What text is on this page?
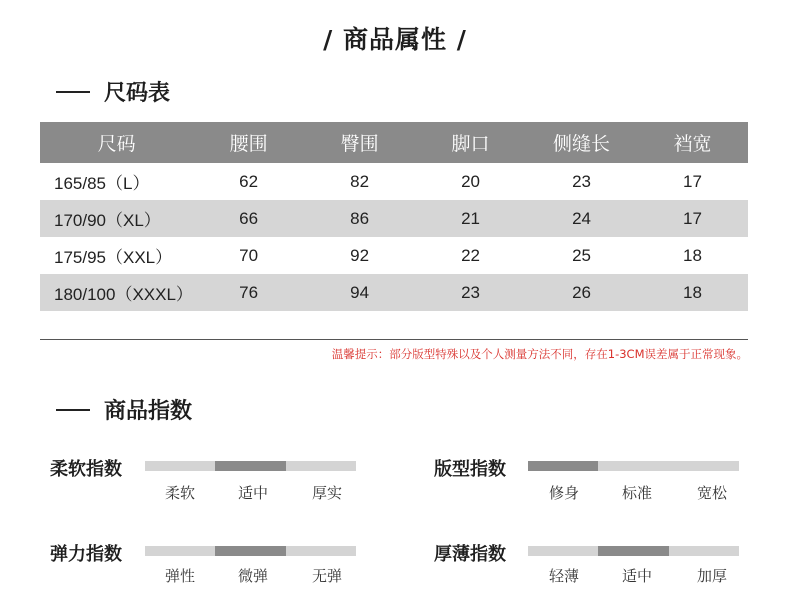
/ 商品属性 /
尺码表
尺码	腰围	臀围	脚口	侧缝长	裆宽
165/85（L）	62	82	20	23	17
170/90（XL）	66	86	21	24	17
175/95（XXL）	70	92	22	25	18
180/100（XXXL）	76	94	23	26	18
温馨提示：部分版型特殊以及个人测量方法不同，存在1-3CM误差属于正常现象。
商品指数
柔软指数
柔软	适中	厚实
版型指数
修身	标准	宽松
弹力指数
弹性	微弹	无弹
厚薄指数
轻薄	适中	加厚
